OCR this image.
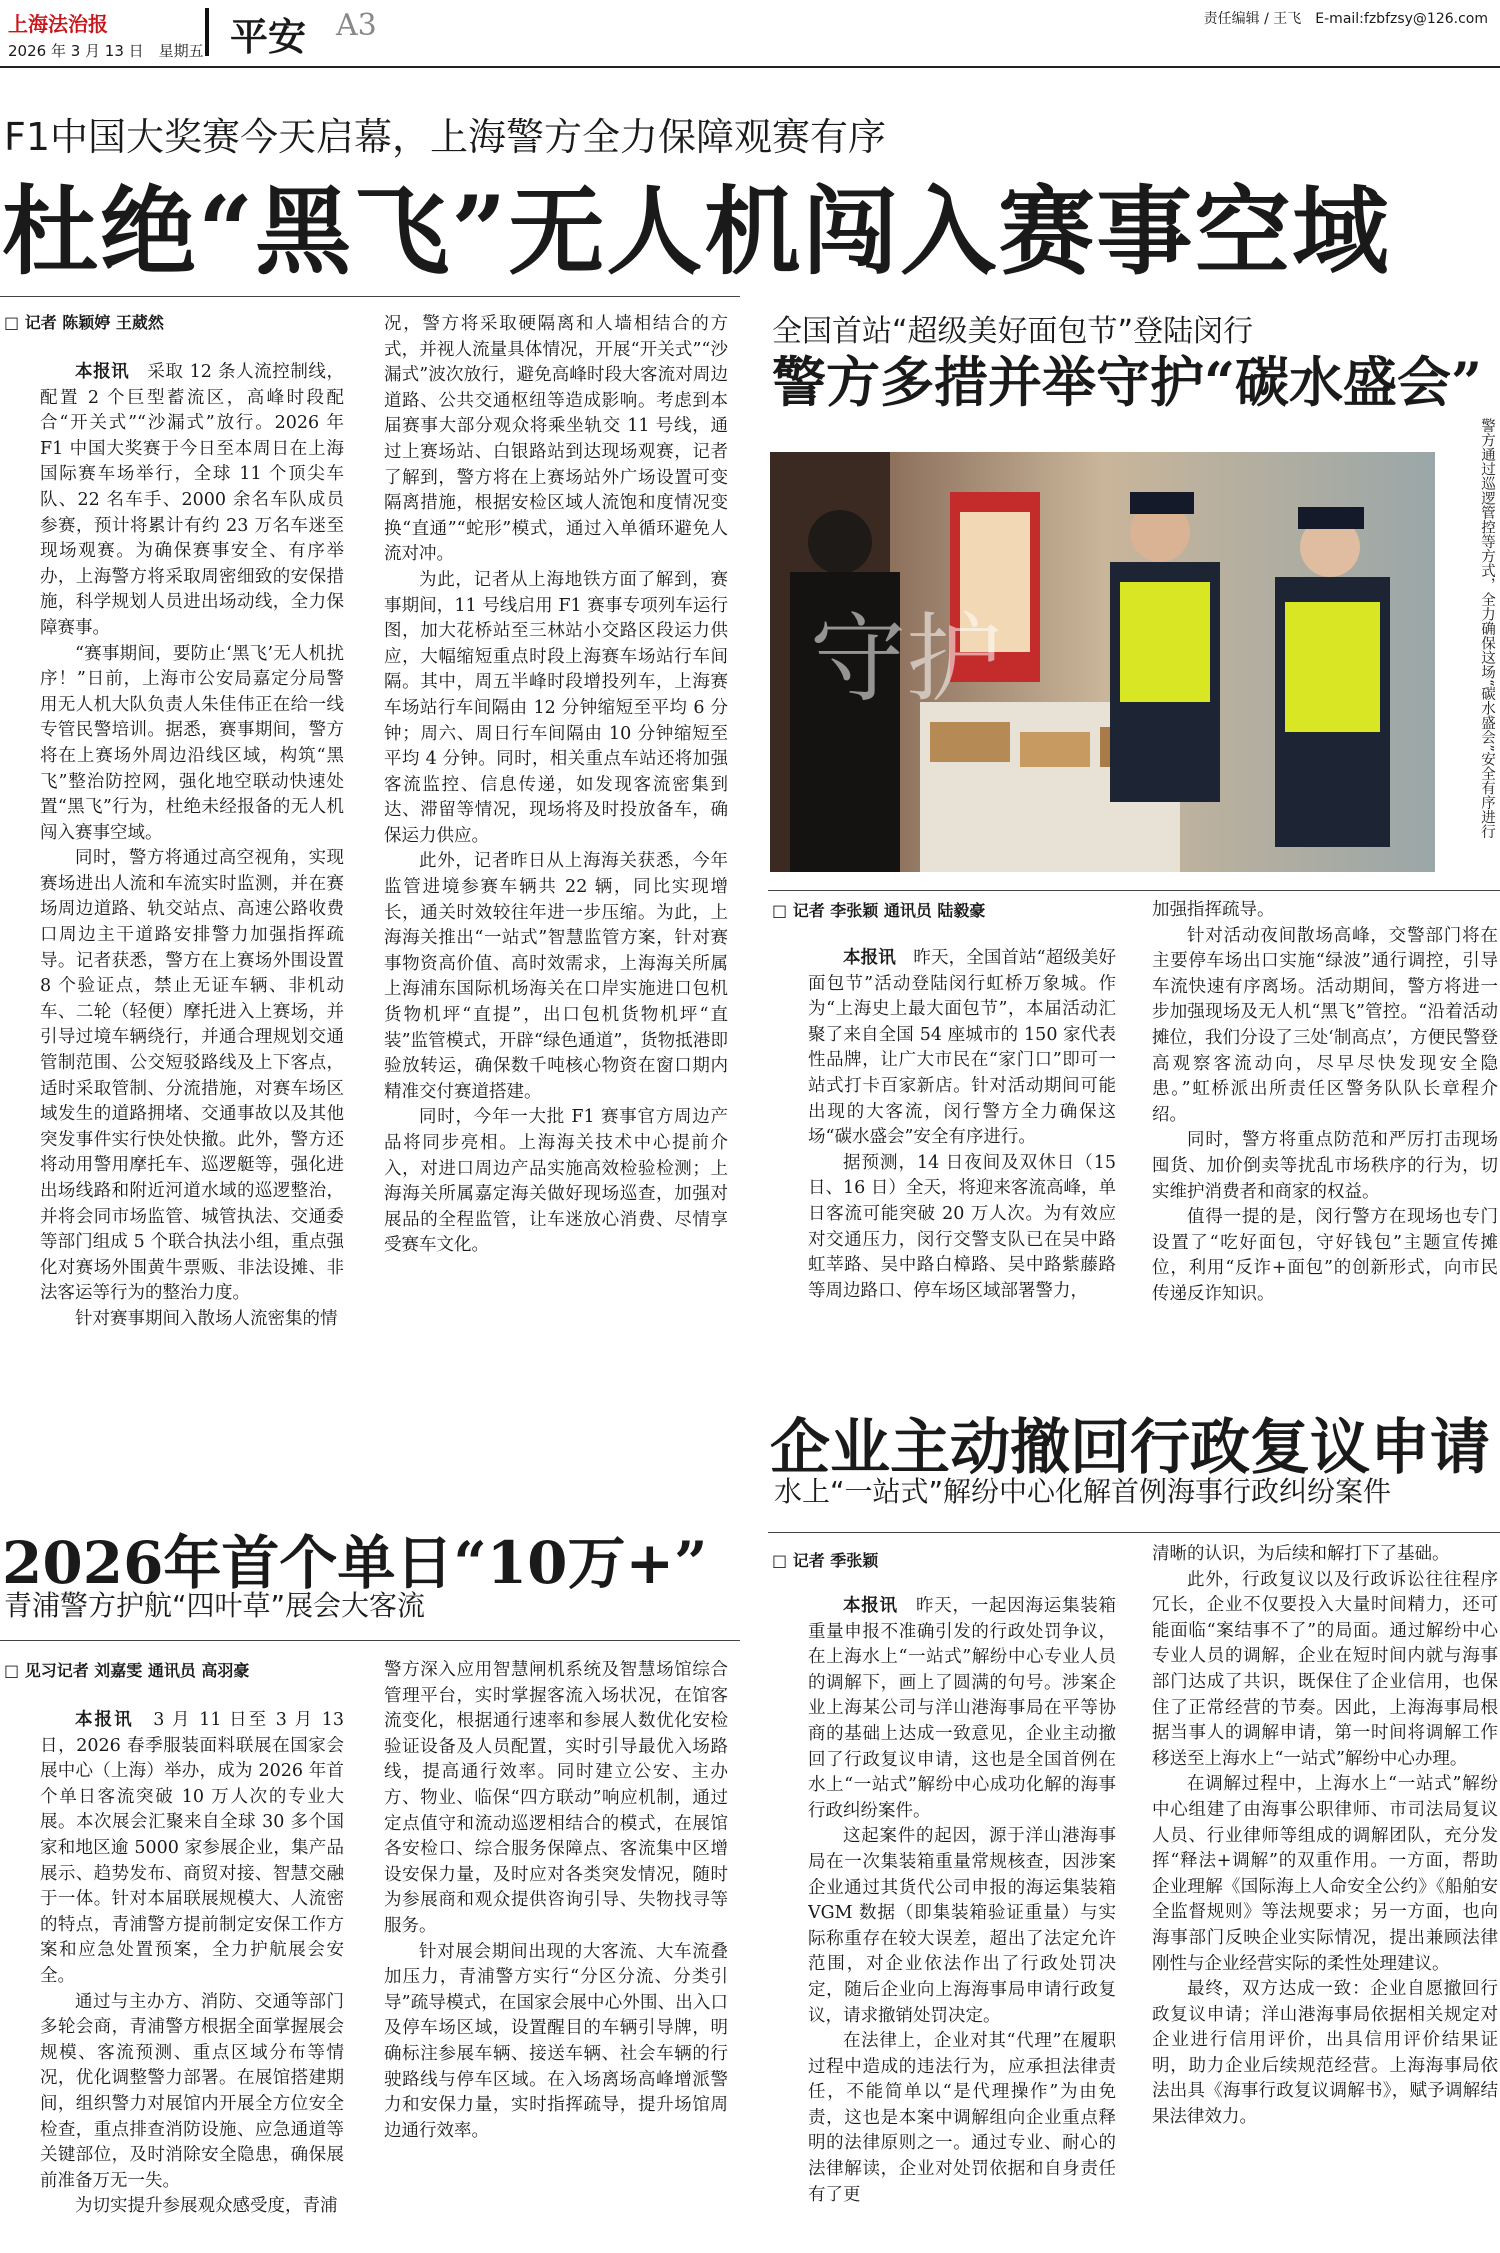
上海法治报
2026 年 3 月 13 日　星期五 平安 A3	责任编辑 / 王飞　E-mail:fzbfzsy@126.com
F1中国大奖赛今天启幕，上海警方全力保障观赛有序
杜绝“黑飞”无人机闯入赛事空域
□ 记者 陈颖婷 王葳然

本报讯　 采取 12 条人流控制线，配置 2 个巨型蓄流区，高峰时段配合“开关式”“沙漏式”放行。2026 年 F1 中国大奖赛于今日至本周日在上海国际赛车场举行，全球 11 个顶尖车队、22 名车手、2000 余名车队成员参赛，预计将累计有约 23 万名车迷至现场观赛。为确保赛事安全、有序举办，上海警方将采取周密细致的安保措施，科学规划人员进出场动线，全力保障赛事。

“赛事期间，要防止‘黑飞’无人机扰序！”日前，上海市公安局嘉定分局警用无人机大队负责人朱佳伟正在给一线专管民警培训。据悉，赛事期间，警方将在上赛场外周边沿线区域，构筑“黑飞”整治防控网，强化地空联动快速处置“黑飞”行为，杜绝未经报备的无人机闯入赛事空域。

同时，警方将通过高空视角，实现赛场进出人流和车流实时监测，并在赛场周边道路、轨交站点、高速公路收费口周边主干道路安排警力加强指挥疏导。记者获悉，警方在上赛场外围设置 8 个验证点，禁止无证车辆、非机动车、二轮（轻便）摩托进入上赛场，并引导过境车辆绕行，并通合理规划交通管制范围、公交短驳路线及上下客点，适时采取管制、分流措施，对赛车场区域发生的道路拥堵、交通事故以及其他突发事件实行快处快撤。此外，警方还将动用警用摩托车、巡逻艇等，强化进出场线路和附近河道水域的巡逻整治，并将会同市场监管、城管执法、交通委等部门组成 5 个联合执法小组，重点强化对赛场外围黄牛票贩、非法设摊、非法客运等行为的整治力度。

针对赛事期间入散场人流密集的情

况，警方将采取硬隔离和人墙相结合的方式，并视人流量具体情况，开展“开关式”“沙漏式”波次放行，避免高峰时段大客流对周边道路、公共交通枢纽等造成影响。考虑到本届赛事大部分观众将乘坐轨交 11 号线，通过上赛场站、白银路站到达现场观赛，记者了解到，警方将在上赛场站外广场设置可变隔离措施，根据安检区域人流饱和度情况变换“直通”“蛇形”模式，通过入单循环避免人流对冲。

为此，记者从上海地铁方面了解到，赛事期间，11 号线启用 F1 赛事专项列车运行图，加大花桥站至三林站小交路区段运力供应，大幅缩短重点时段上海赛车场站行车间隔。其中，周五半峰时段增投列车，上海赛车场站行车间隔由 12 分钟缩短至平均 6 分钟；周六、周日行车间隔由 10 分钟缩短至平均 4 分钟。同时，相关重点车站还将加强客流监控、信息传递，如发现客流密集到达、滞留等情况，现场将及时投放备车，确保运力供应。

此外，记者昨日从上海海关获悉，今年监管进境参赛车辆共 22 辆，同比实现增长，通关时效较往年进一步压缩。为此，上海海关推出“一站式”智慧监管方案，针对赛事物资高价值、高时效需求，上海海关所属上海浦东国际机场海关在口岸实施进口包机货物机坪“直提”，出口包机货物机坪“直装”监管模式，开辟“绿色通道”，货物抵港即验放转运，确保数千吨核心物资在窗口期内精准交付赛道搭建。

同时，今年一大批 F1 赛事官方周边产品将同步亮相。上海海关技术中心提前介入，对进口周边产品实施高效检验检测；上海海关所属嘉定海关做好现场巡查，加强对展品的全程监管，让车迷放心消费、尽情享受赛车文化。

全国首站“超级美好面包节”登陆闵行
警方多措并举守护“碳水盛会”
守护	警方通过巡逻管控等方式，全力确保这场“碳水盛会”安全有序进行
□ 记者 李张颖 通讯员 陆毅豪

本报讯　 昨天，全国首站“超级美好面包节”活动登陆闵行虹桥万象城。作为“上海史上最大面包节”，本届活动汇聚了来自全国 54 座城市的 150 家代表性品牌，让广大市民在“家门口”即可一站式打卡百家新店。针对活动期间可能出现的大客流，闵行警方全力确保这场“碳水盛会”安全有序进行。

据预测，14 日夜间及双休日（15 日、16 日）全天，将迎来客流高峰，单日客流可能突破 20 万人次。为有效应对交通压力，闵行交警支队已在吴中路虹莘路、吴中路白樟路、吴中路紫藤路等周边路口、停车场区域部署警力，

加强指挥疏导。

针对活动夜间散场高峰，交警部门将在主要停车场出口实施“绿波”通行调控，引导车流快速有序离场。活动期间，警方将进一步加强现场及无人机“黑飞”管控。“沿着活动摊位，我们分设了三处‘制高点’，方便民警登高观察客流动向，尽早尽快发现安全隐患。”虹桥派出所责任区警务队队长章程介绍。

同时，警方将重点防范和严厉打击现场囤货、加价倒卖等扰乱市场秩序的行为，切实维护消费者和商家的权益。

值得一提的是，闵行警方在现场也专门设置了“吃好面包，守好钱包”主题宣传摊位，利用“反诈+面包”的创新形式，向市民传递反诈知识。

企业主动撤回行政复议申请
水上“一站式”解纷中心化解首例海事行政纠纷案件
□ 记者 季张颖

本报讯　 昨天，一起因海运集装箱重量申报不准确引发的行政处罚争议，在上海水上“一站式”解纷中心专业人员的调解下，画上了圆满的句号。涉案企业上海某公司与洋山港海事局在平等协商的基础上达成一致意见，企业主动撤回了行政复议申请，这也是全国首例在水上“一站式”解纷中心成功化解的海事行政纠纷案件。

这起案件的起因，源于洋山港海事局在一次集装箱重量常规核查，因涉案企业通过其货代公司申报的海运集装箱 VGM 数据（即集装箱验证重量）与实际称重存在较大误差，超出了法定允许范围，对企业依法作出了行政处罚决定，随后企业向上海海事局申请行政复议，请求撤销处罚决定。

在法律上，企业对其“代理”在履职过程中造成的违法行为，应承担法律责任，不能简单以“是代理操作”为由免责，这也是本案中调解组向企业重点释明的法律原则之一。通过专业、耐心的法律解读，企业对处罚依据和自身责任有了更

清晰的认识，为后续和解打下了基础。

此外，行政复议以及行政诉讼往往程序冗长，企业不仅要投入大量时间精力，还可能面临“案结事不了”的局面。通过解纷中心专业人员的调解，企业在短时间内就与海事部门达成了共识，既保住了企业信用，也保住了正常经营的节奏。因此，上海海事局根据当事人的调解申请，第一时间将调解工作移送至上海水上“一站式”解纷中心办理。

在调解过程中，上海水上“一站式”解纷中心组建了由海事公职律师、市司法局复议人员、行业律师等组成的调解团队，充分发挥“释法+调解”的双重作用。一方面，帮助企业理解《国际海上人命安全公约》《船舶安全监督规则》等法规要求；另一方面，也向海事部门反映企业实际情况，提出兼顾法律刚性与企业经营实际的柔性处理建议。

最终，双方达成一致：企业自愿撤回行政复议申请；洋山港海事局依据相关规定对企业进行信用评价，出具信用评价结果证明，助力企业后续规范经营。上海海事局依法出具《海事行政复议调解书》，赋予调解结果法律效力。

2026年首个单日“10万+”
青浦警方护航“四叶草”展会大客流
□ 见习记者 刘嘉雯 通讯员 高羽豪

本报讯　 3 月 11 日至 3 月 13 日，2026 春季服装面料联展在国家会展中心（上海）举办，成为 2026 年首个单日客流突破 10 万人次的专业大展。本次展会汇聚来自全球 30 多个国家和地区逾 5000 家参展企业，集产品展示、趋势发布、商贸对接、智慧交融于一体。针对本届联展规模大、人流密的特点，青浦警方提前制定安保工作方案和应急处置预案，全力护航展会安全。

通过与主办方、消防、交通等部门多轮会商，青浦警方根据全面掌握展会规模、客流预测、重点区域分布等情况，优化调整警力部署。在展馆搭建期间，组织警力对展馆内开展全方位安全检查，重点排查消防设施、应急通道等关键部位，及时消除安全隐患，确保展前准备万无一失。

为切实提升参展观众感受度，青浦

警方深入应用智慧闸机系统及智慧场馆综合管理平台，实时掌握客流入场状况，在馆客流变化，根据通行速率和参展人数优化安检验证设备及人员配置，实时引导最优入场路线，提高通行效率。同时建立公安、主办方、物业、临保“四方联动”响应机制，通过定点值守和流动巡逻相结合的模式，在展馆各安检口、综合服务保障点、客流集中区增设安保力量，及时应对各类突发情况，随时为参展商和观众提供咨询引导、失物找寻等服务。

针对展会期间出现的大客流、大车流叠加压力，青浦警方实行“分区分流、分类引导”疏导模式，在国家会展中心外围、出入口及停车场区域，设置醒目的车辆引导牌，明确标注参展车辆、接送车辆、社会车辆的行驶路线与停车区域。在入场离场高峰增派警力和安保力量，实时指挥疏导，提升场馆周边通行效率。
